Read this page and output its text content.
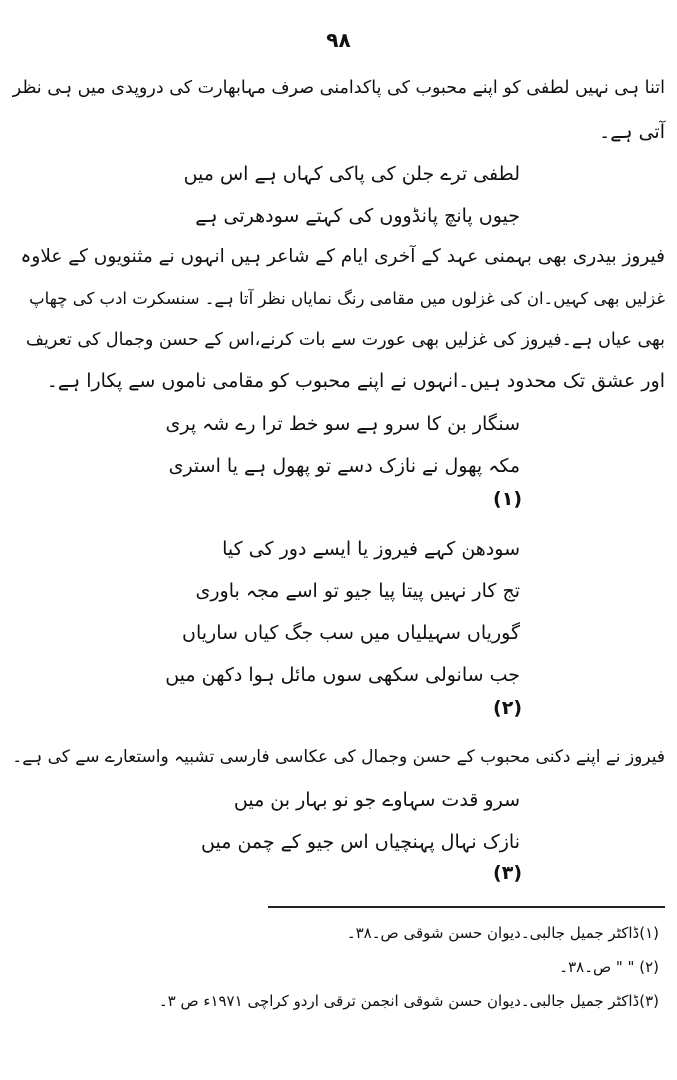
۹۸
اتنا ہی نہیں لطفی کو اپنے محبوب کی پاکدامنی صرف مہابھارت کی دروپدی میں ہی نظر
آتی ہے۔
لطفی ترے جلن کی پاکی کہاں ہے اس میں
جیوں پانچ پانڈووں کی کہتے سودھرتی ہے
فیروز بیدری بھی بہمنی عہد کے آخری ایام کے شاعر ہیں انہوں نے مثنویوں کے علاوہ
غزلیں بھی کہیں۔ان کی غزلوں میں مقامی رنگ نمایاں نظر آتا ہے۔ سنسکرت ادب کی چھاپ
بھی عیاں ہے۔فیروز کی غزلیں بھی عورت سے بات کرنے،اس کے حسن وجمال کی تعریف
اور عشق تک محدود ہیں۔انہوں نے اپنے محبوب کو مقامی ناموں سے پکارا ہے۔
سنگار بن کا سرو ہے سو خط ترا رے شہ پری
مکہ پھول نے نازک دسے تو پھول ہے یا استری
(۱)
سودھن کہے فیروز یا ایسے دور کی کیا
تج کار نہیں پیتا پیا جیو تو اسے مجہ باوری
گوریاں سہیلیاں میں سب جگ کیاں ساریاں
جب سانولی سکھی سوں مائل ہوا دکھن میں
(۲)
فیروز نے اپنے دکنی محبوب کے حسن وجمال کی عکاسی فارسی تشبیہ واستعارے سے کی ہے۔
سرو قدت سہاوے جو نو بہار بن میں
نازک نہال پہنچیاں اس جیو کے چمن میں
(۳)
(۱)ڈاکٹر جمیل جالبی۔دیوان حسن شوقی ص۔۳۸۔
(۲) " " ص۔۳۸۔
(۳)ڈاکٹر جمیل جالبی۔دیوان حسن شوقی انجمن ترقی اردو کراچی ۱۹۷۱ء ص ۳۔
